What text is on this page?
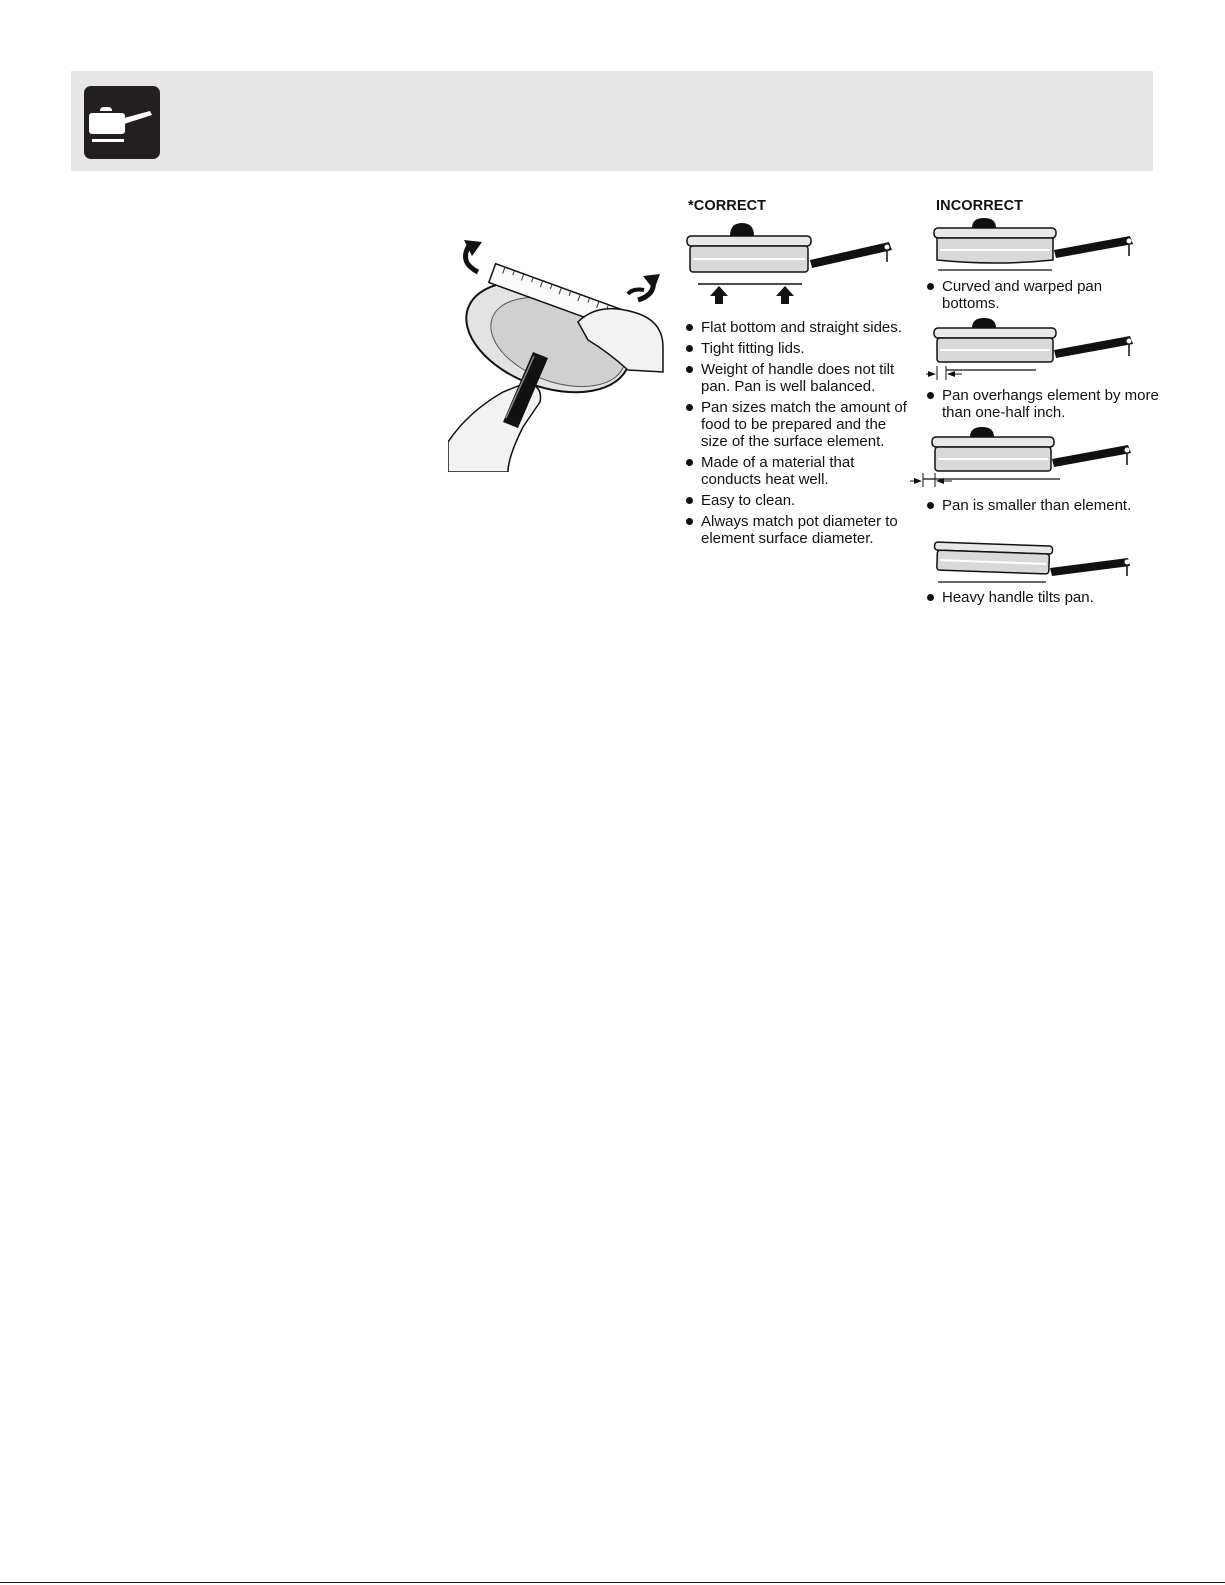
*CORRECT
Flat bottom and straight sides.
Tight fitting lids.
Weight of handle does not tilt pan. Pan is well balanced.
Pan sizes match the amount of food to be prepared and the size of the surface element.
Made of a material that conducts heat well.
Easy to clean.
Always match pot diameter to element surface diameter.
INCORRECT
Curved and warped pan bottoms.
Pan overhangs element by more than one-half inch.
Pan is smaller than element.
Heavy handle tilts pan.
